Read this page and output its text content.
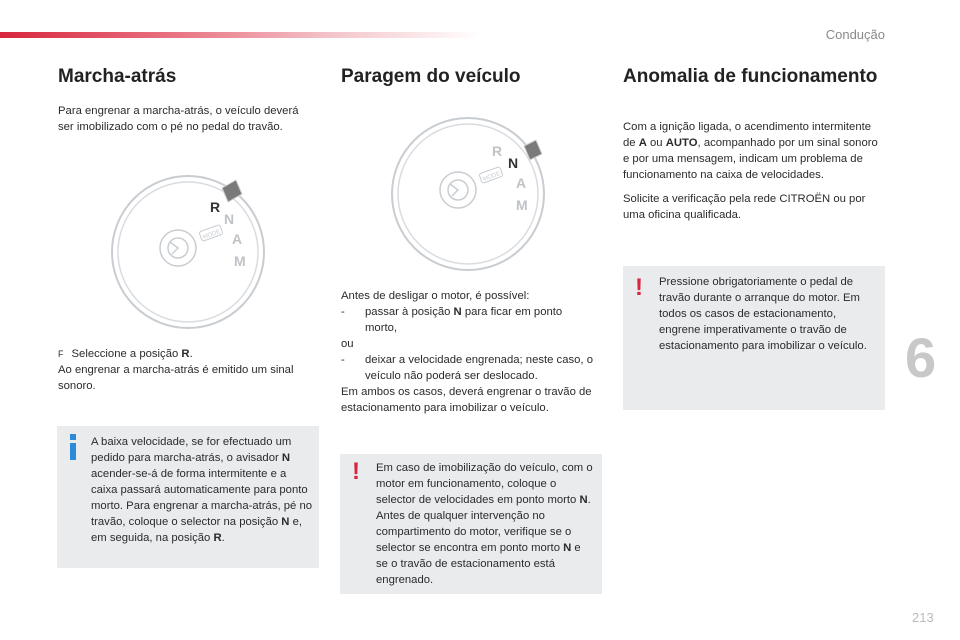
Condução
6
213
Marcha-atrás

Para engrenar a marcha-atrás, o veículo deverá ser imobilizado com o pé no pedal do travão.

MODE
R
N
A
M

F Seleccione a posição R.

Ao engrenar a marcha-atrás é emitido um sinal sonoro.

A baixa velocidade, se for efectuado um pedido para marcha-atrás, o avisador N acender-se-á de forma intermitente e a caixa passará automaticamente para ponto morto. Para engrenar a marcha-atrás, pé no travão, coloque o selector na posição N e, em seguida, na posição R.

Paragem do veículo
MODE
R
N
A
M

Antes de desligar o motor, é possível:

-	passar à posição N para ficar em ponto morto,

ou

-	deixar a velocidade engrenada; neste caso, o veículo não poderá ser deslocado.

Em ambos os casos, deverá engrenar o travão de estacionamento para imobilizar o veículo.

! Em caso de imobilização do veículo, com o motor em funcionamento, coloque o selector de velocidades em ponto morto N.

Antes de qualquer intervenção no compartimento do motor, verifique se o selector se encontra em ponto morto N e se o travão de estacionamento está engrenado.

Anomalia de funcionamento

Com a ignição ligada, o acendimento intermitente de A ou AUTO, acompanhado por um sinal sonoro e por uma mensagem, indicam um problema de funcionamento na caixa de velocidades.

Solicite a verificação pela rede CITROËN ou por uma oficina qualificada.

! Pressione obrigatoriamente o pedal de travão durante o arranque do motor. Em todos os casos de estacionamento, engrene imperativamente o travão de estacionamento para imobilizar o veículo.
